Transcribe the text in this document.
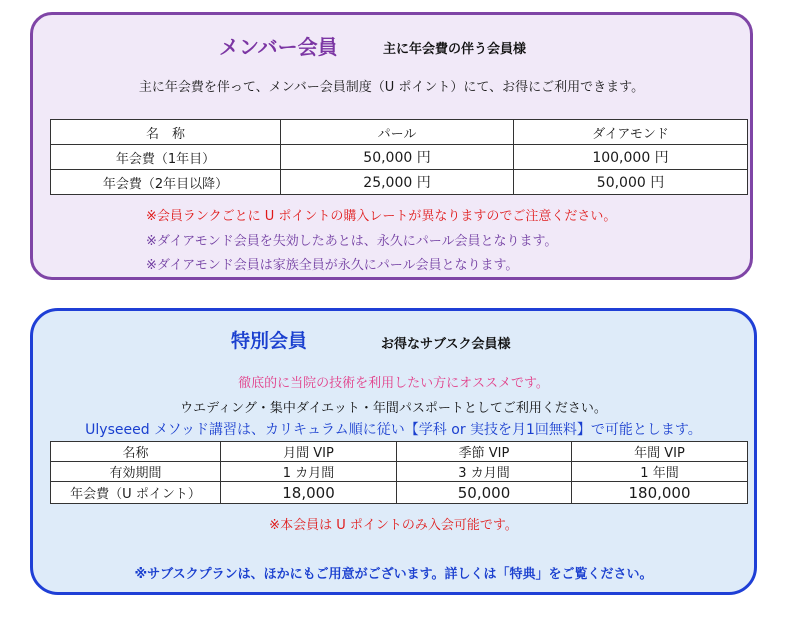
メンバー会員	主に年会費の伴う会員様
主に年会費を伴って、メンバー会員制度（U ポイント）にて、お得にご利用できます。
名　称	パール	ダイアモンド
年会費（1年目）	50,000 円	100,000 円
年会費（2年目以降）	25,000 円	50,000 円
※会員ランクごとに U ポイントの購入レートが異なりますのでご注意ください。
※ダイアモンド会員を失効したあとは、永久にパール会員となります。
※ダイアモンド会員は家族全員が永久にパール会員となります。
特別会員	お得なサブスク会員様
徹底的に当院の技術を利用したい方にオススメです。
ウエディング・集中ダイエット・年間パスポートとしてご利用ください。
Ulyseeed メソッド講習は、カリキュラム順に従い【学科 or 実技を月1回無料】で可能とします。
名称	月間 VIP	季節 VIP	年間 VIP
有効期間	1 カ月間	3 カ月間	1 年間
年会費（U ポイント）	18,000	50,000	180,000
※本会員は U ポイントのみ入会可能です。
※サブスクプランは、ほかにもご用意がございます。詳しくは「特典」をご覧ください。
